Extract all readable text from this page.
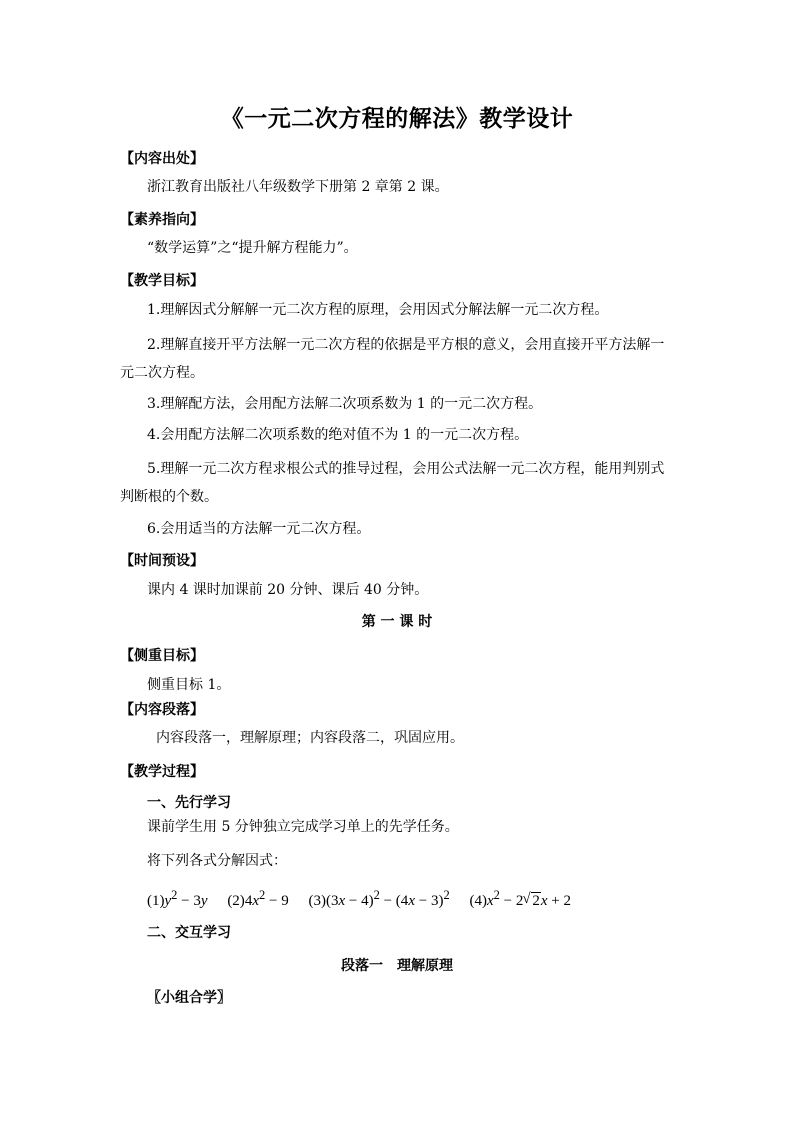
《一元二次方程的解法》教学设计
【内容出处】
浙江教育出版社八年级数学下册第 2 章第 2 课。
【素养指向】
“数学运算”之“提升解方程能力”。
【教学目标】
1.理解因式分解解一元二次方程的原理，会用因式分解法解一元二次方程。
2.理解直接开平方法解一元二次方程的依据是平方根的意义，会用直接开平方法解一元二次方程。
3.理解配方法，会用配方法解二次项系数为 1 的一元二次方程。
4.会用配方法解二次项系数的绝对值不为 1 的一元二次方程。
5.理解一元二次方程求根公式的推导过程，会用公式法解一元二次方程，能用判别式判断根的个数。
6.会用适当的方法解一元二次方程。
【时间预设】
课内 4 课时加课前 20 分钟、课后 40 分钟。
第 一 课 时
【侧重目标】
侧重目标 1。
【内容段落】
内容段落一，理解原理；内容段落二，巩固应用。
【教学过程】
一、先行学习
课前学生用 5 分钟独立完成学习单上的先学任务。
将下列各式分解因式：
$(1)y^2 - 3y$ $(2)4x^2 - 9$ $(3)(3x - 4)^2 - (4x - 3)^2$ $(4)x^2 - 2√$ 2x + 2
二、交互学习
段落一　理解原理
〖小组合学〗
